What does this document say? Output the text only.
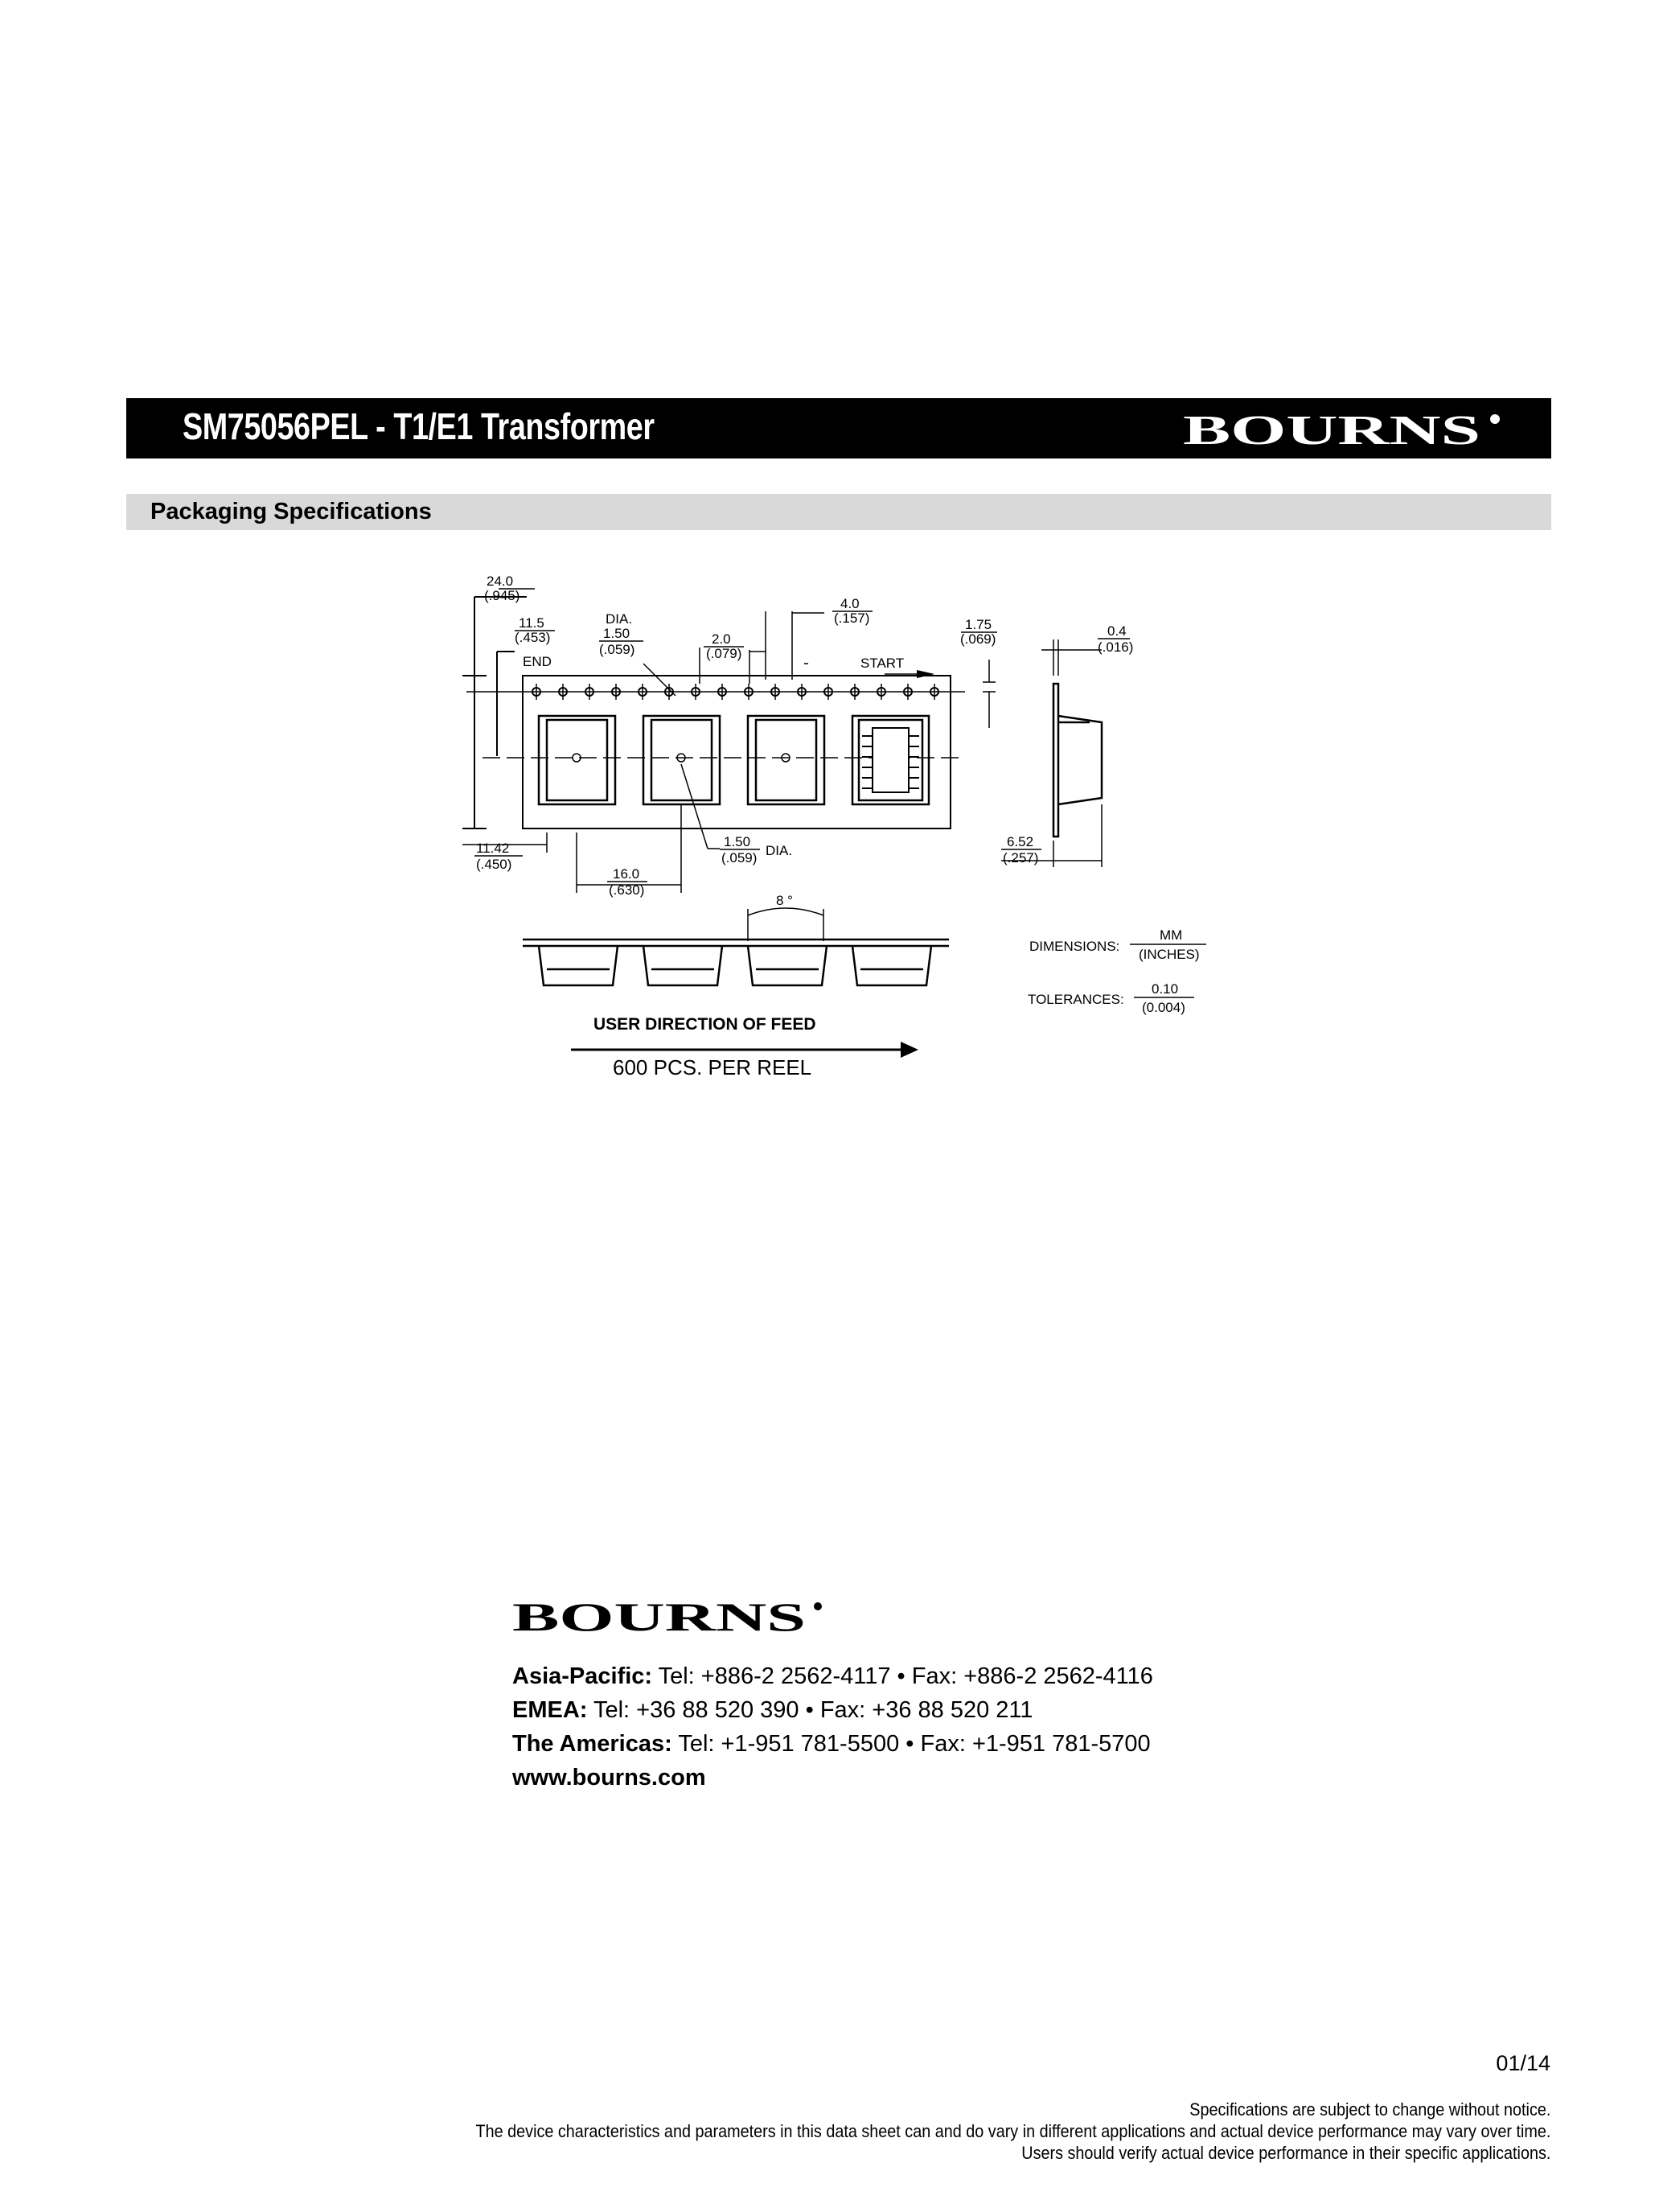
SM75056PEL - T1/E1 Transformer	BOURNS
Packaging Specifications
24.0
(.945)
11.5
(.453)
END
DIA.
1.50
(.059)
2.0
(.079)
4.0
(.157)
START
1.75
(.069)
0.4
(.016)
11.42
(.450)
16.0
(.630)
1.50
(.059) DIA.
6.52
(.257)
8 °
DIMENSIONS:
MM
(INCHES)
TOLERANCES:
0.10
(0.004)
USER DIRECTION OF FEED
600 PCS. PER REEL
BOURNS
Asia-Pacific: Tel: +886-2 2562-4117 • Fax: +886-2 2562-4116
EMEA: Tel: +36 88 520 390 • Fax: +36 88 520 211
The Americas: Tel: +1-951 781-5500 • Fax: +1-951 781-5700
www.bourns.com
01/14
Specifications are subject to change without notice.
The device characteristics and parameters in this data sheet can and do vary in different applications and actual device performance may vary over time.
Users should verify actual device performance in their specific applications.
